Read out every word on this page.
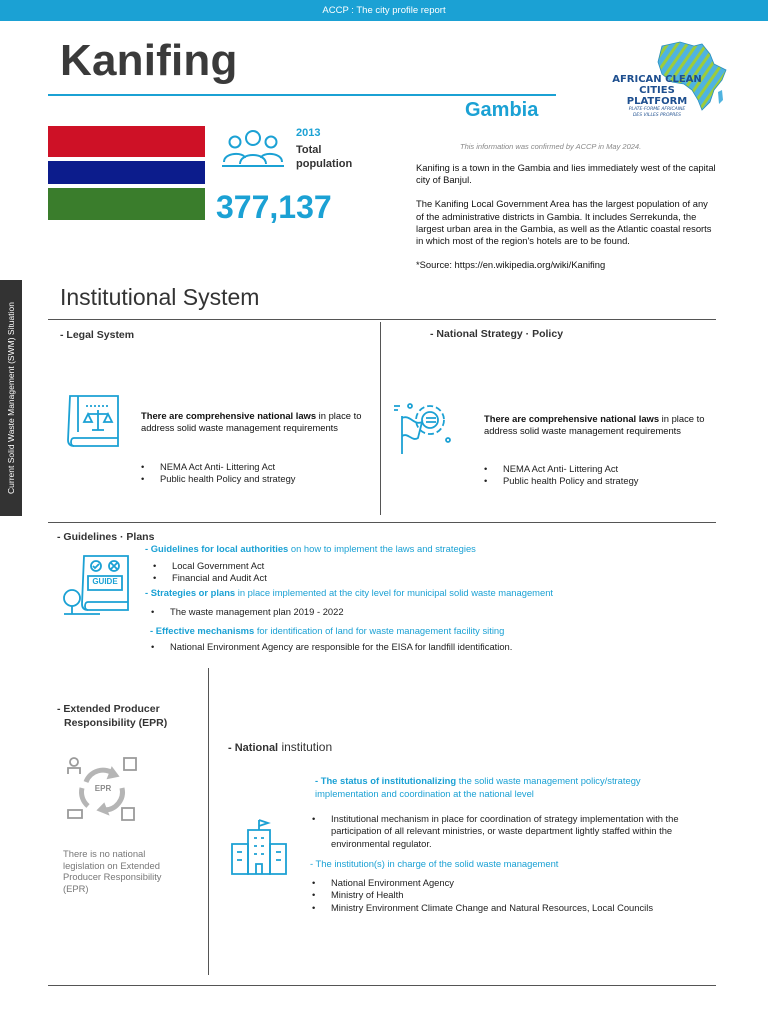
ACCP : The city profile report
Kanifing
Gambia
AFRICAN CLEAN
CITIES PLATFORM
PLATE-FORME AFRICAINE
DES VILLES PROPRES
2013
Total
population
377,137
This information was confirmed by ACCP in May 2024.

Kanifing is a town in the Gambia and lies immediately west of the capital city of Banjul.

The Kanifing Local Government Area has the largest population of any of the administrative districts in Gambia. It includes Serrekunda, the largest urban area in the Gambia, as well as the Atlantic coastal resorts in which most of the region's hotels are to be found.

*Source: https://en.wikipedia.org/wiki/Kanifing

Current Solid Waste Management (SWM) Situation
Institutional System
- Legal System
There are comprehensive national laws in place to address solid waste management requirements
• NEMA Act Anti- Littering Act
• Public health Policy and strategy
- National Strategy · Policy
There are comprehensive national laws in place to address solid waste management requirements
• NEMA Act Anti- Littering Act
• Public health Policy and strategy
- Guidelines · Plans
GUIDE
- Guidelines for local authorities on how to implement the laws and strategies
• Local Government Act
• Financial and Audit Act
- Strategies or plans in place implemented at the city level for municipal solid waste management
• The waste management plan 2019 - 2022
- Effective mechanisms for identification of land for waste management facility siting
• National Environment Agency are responsible for the EISA for landfill identification.
- Extended Producer
Responsibility (EPR)
EPR
There is no national legislation on Extended Producer Responsibility (EPR)
- National institution
- The status of institutionalizing the solid waste management policy/strategy implementation and coordination at the national level
• Institutional mechanism in place for coordination of strategy implementation with the participation of all relevant ministries, or waste department lightly staffed within the environmental regulator.
- The institution(s) in charge of the solid waste management
• National Environment Agency
• Ministry of Health
• Ministry Environment Climate Change and Natural Resources, Local Councils
